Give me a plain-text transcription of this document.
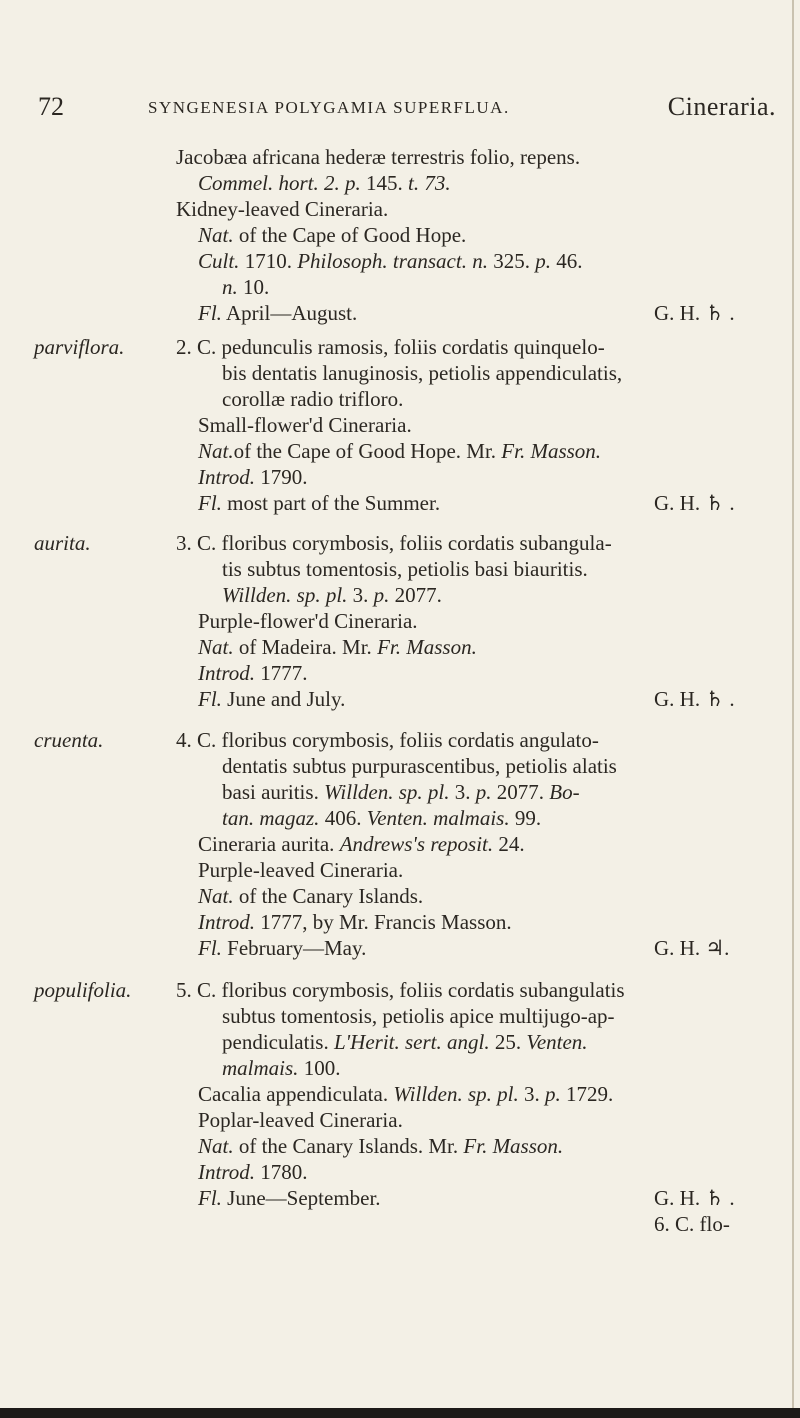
72	SYNGENESIA POLYGAMIA SUPERFLUA.	Cineraria.
Jacobæa africana hederæ terrestris folio, repens.
Commel. hort. 2. p. 145. t. 73.
Kidney-leaved Cineraria.
Nat. of the Cape of Good Hope.
Cult. 1710. Philosoph. transact. n. 325. p. 46.
n. 10.
Fl. April—August.	G. H. ♄ .
parviflora. 2. C. pedunculis ramosis, foliis cordatis quinquelo-
bis dentatis lanuginosis, petiolis appendiculatis,
corollæ radio trifloro.
Small-flower'd Cineraria.
Nat.of the Cape of Good Hope. Mr. Fr. Masson.
Introd. 1790.
Fl. most part of the Summer.	G. H. ♄ .
aurita.	3. C. floribus corymbosis, foliis cordatis subangula-
tis subtus tomentosis, petiolis basi biauritis.
Willden. sp. pl. 3. p. 2077.
Purple-flower'd Cineraria.
Nat. of Madeira. Mr. Fr. Masson.
Introd. 1777.
Fl. June and July.	G. H. ♄ .
cruenta.	4. C. floribus corymbosis, foliis cordatis angulato-
dentatis subtus purpurascentibus, petiolis alatis
basi auritis. Willden. sp. pl. 3. p. 2077. Bo-
tan. magaz. 406. Venten. malmais. 99.
Cineraria aurita. Andrews's reposit. 24.
Purple-leaved Cineraria.
Nat. of the Canary Islands.
Introd. 1777, by Mr. Francis Masson.
Fl. February—May.	G. H. ♃.
populifolia. 5. C. floribus corymbosis, foliis cordatis subangulatis
subtus tomentosis, petiolis apice multijugo-ap-
pendiculatis. L'Herit. sert. angl. 25. Venten.
malmais. 100.
Cacalia appendiculata. Willden. sp. pl. 3. p. 1729.
Poplar-leaved Cineraria.
Nat. of the Canary Islands. Mr. Fr. Masson.
Introd. 1780.
Fl. June—September.	G. H. ♄ .
6. C. flo-
